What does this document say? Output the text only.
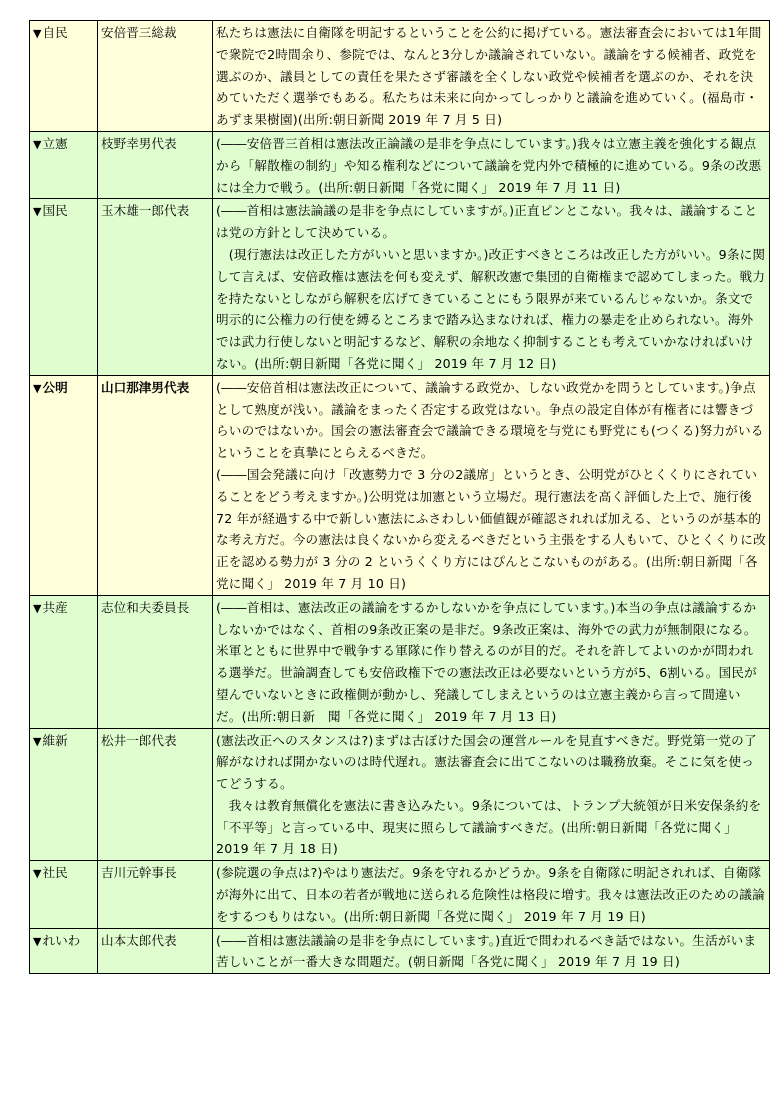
▼自民	安倍晋三総裁	私たちは憲法に自衛隊を明記するということを公約に掲げている。憲法審査会においては1年間で衆院で2時間余り、参院では、なんと3分しか議論されていない。議論をする候補者、政党を選ぶのか、議員としての責任を果たさず審議を全くしない政党や候補者を選ぶのか、それを決めていただく選挙でもある。私たちは未来に向かってしっかりと議論を進めていく。(福島市・あずま果樹園)(出所:朝日新聞 2019 年 7 月 5 日)

▼立憲	枝野幸男代表	(――安倍晋三首相は憲法改正論議の是非を争点にしています。)我々は立憲主義を強化する観点から「解散権の制約」や知る権利などについて議論を党内外で積極的に進めている。9条の改悪には全力で戦う。(出所:朝日新聞「各党に聞く」 2019 年 7 月 11 日)

▼国民	玉木雄一郎代表	(――首相は憲法論議の是非を争点にしていますが。)正直ピンとこない。我々は、議論することは党の方針として決めている。
　(現行憲法は改正した方がいいと思いますか。)改正すべきところは改正した方がいい。9条に関して言えば、安倍政権は憲法を何も変えず、解釈改憲で集団的自衛権まで認めてしまった。戦力を持たないとしながら解釈を広げてきていることにもう限界が来ているんじゃないか。条文で明示的に公権力の行使を縛るところまで踏み込まなければ、権力の暴走を止められない。海外では武力行使しないと明記するなど、解釈の余地なく抑制することも考えていかなければいけない。(出所:朝日新聞「各党に聞く」 2019 年 7 月 12 日)

▼公明	山口那津男代表	(――安倍首相は憲法改正について、議論する政党か、しない政党かを問うとしています。)争点として熟度が浅い。議論をまったく否定する政党はない。争点の設定自体が有権者には響きづらいのではないか。国会の憲法審査会で議論できる環境を与党にも野党にも(つくる)努力がいるということを真摯にとらえるべきだ。
(――国会発議に向け「改憲勢力で 3 分の2議席」というとき、公明党がひとくくりにされていることをどう考えますか。)公明党は加憲という立場だ。現行憲法を高く評価した上で、施行後 72 年が経過する中で新しい憲法にふさわしい価値観が確認されれば加える、というのが基本的な考え方だ。今の憲法は良くないから変えるべきだという主張をする人もいて、ひとくくりに改正を認める勢力が 3 分の 2 というくくり方にはぴんとこないものがある。(出所:朝日新聞「各党に聞く」 2019 年 7 月 10 日)

▼共産	志位和夫委員長	(――首相は、憲法改正の議論をするかしないかを争点にしています。)本当の争点は議論するかしないかではなく、首相の9条改正案の是非だ。9条改正案は、海外での武力が無制限になる。米軍とともに世界中で戦争する軍隊に作り替えるのが目的だ。それを許してよいのかが問われる選挙だ。世論調査しても安倍政権下での憲法改正は必要ないという方が5、6割いる。国民が望んでいないときに政権側が動かし、発議してしまえというのは立憲主義から言って間違いだ。(出所:朝日新　聞「各党に聞く」 2019 年 7 月 13 日)

▼維新	松井一郎代表	(憲法改正へのスタンスは?)まずは古ぼけた国会の運営ルールを見直すべきだ。野党第一党の了解がなければ開かないのは時代遅れ。憲法審査会に出てこないのは職務放棄。そこに気を使ってどうする。
　我々は教育無償化を憲法に書き込みたい。9条については、トランプ大統領が日米安保条約を「不平等」と言っている中、現実に照らして議論すべきだ。(出所:朝日新聞「各党に聞く」 2019 年 7 月 18 日)

▼社民	吉川元幹事長	(参院選の争点は?)やはり憲法だ。9条を守れるかどうか。9条を自衛隊に明記されれば、自衛隊が海外に出て、日本の若者が戦地に送られる危険性は格段に増す。我々は憲法改正のための議論をするつもりはない。(出所:朝日新聞「各党に聞く」 2019 年 7 月 19 日)

▼れいわ	山本太郎代表	(――首相は憲法議論の是非を争点にしています。)直近で問われるべき話ではない。生活がいま苦しいことが一番大きな問題だ。(朝日新聞「各党に聞く」 2019 年 7 月 19 日)
